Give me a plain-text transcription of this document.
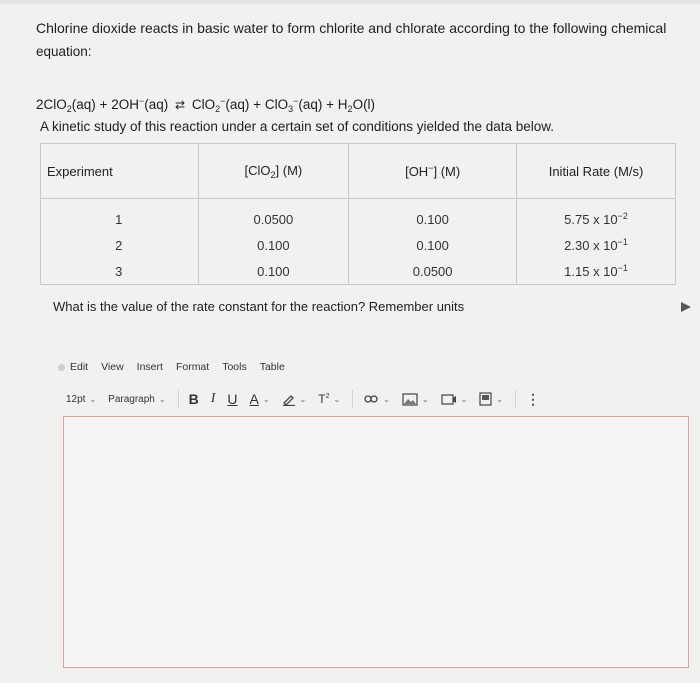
Chlorine dioxide reacts in basic water to form chlorite and chlorate according to the following chemical
equation:
2ClO$_2$(aq) + 2OH−(aq) ⇄ $ClO_2^-(aq) + ClO_3^-(aq) + H_2O(l)$
A kinetic study of this reaction under a certain set of conditions yielded the data below.
Experiment	[ClO$_2$] (M)	[OH−] (M)	Initial Rate (M/s)
1	0.0500	0.100	5.75 x $10^{-2}$
2	0.100	0.100	2.30 x $10^{-1}$
3	0.100	0.0500	1.15 x $10^{-1}$
What is the value of the rate constant for the reaction? Remember units
Edit View Insert Format Tools Table
12pt ⌄ Paragraph ⌄ B I U A ⌄	⌄ $T^2$ ⌄	⌄	⌄	⌄	⌄ ⋮
